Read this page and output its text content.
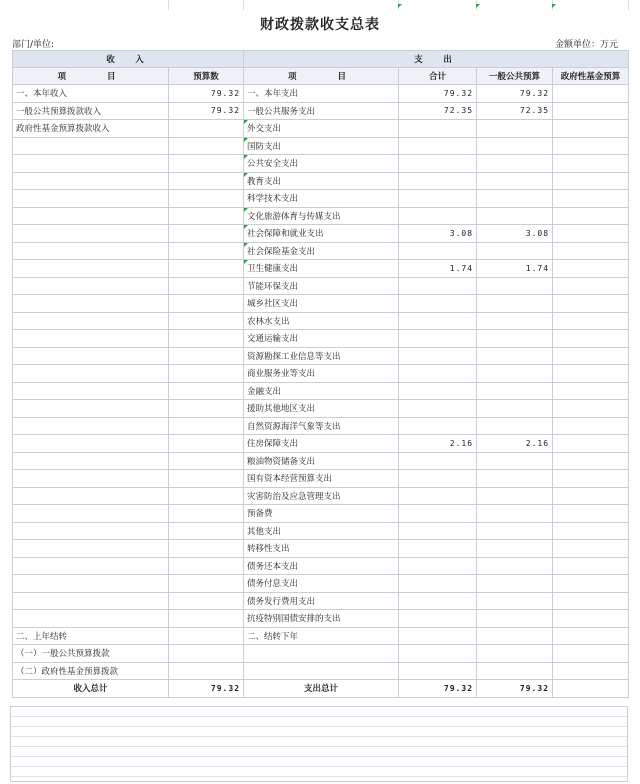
财政拨款收支总表
部门/单位:	金额单位：万元
收　入		支　出			
项　　目	预算数	项　　目	合计	一般公共预算	政府性基金预算
一、本年收入	79.32	一、本年支出	79.32	79.32	
一般公共预算拨款收入	79.32	一般公共服务支出	72.35	72.35	
政府性基金预算拨款收入		外交支出			
		国防支出			
		公共安全支出			
		教育支出			
		科学技术支出			
		文化旅游体育与传媒支出			
		社会保障和就业支出	3.08	3.08	
		社会保险基金支出			
		卫生健康支出	1.74	1.74	
		节能环保支出			
		城乡社区支出			
		农林水支出			
		交通运输支出			
		资源勘探工业信息等支出			
		商业服务业等支出			
		金融支出			
		援助其他地区支出			
		自然资源海洋气象等支出			
		住房保障支出	2.16	2.16	
		粮油物资储备支出			
		国有资本经营预算支出			
		灾害防治及应急管理支出			
		预备费			
		其他支出			
		转移性支出			
		债务还本支出			
		债务付息支出			
		债务发行费用支出			
		抗疫特别国债安排的支出			
二、上年结转		二、结转下年			
（一）一般公共预算拨款					
（二）政府性基金预算拨款					
收入总计	79.32	支出总计	79.32	79.32	
